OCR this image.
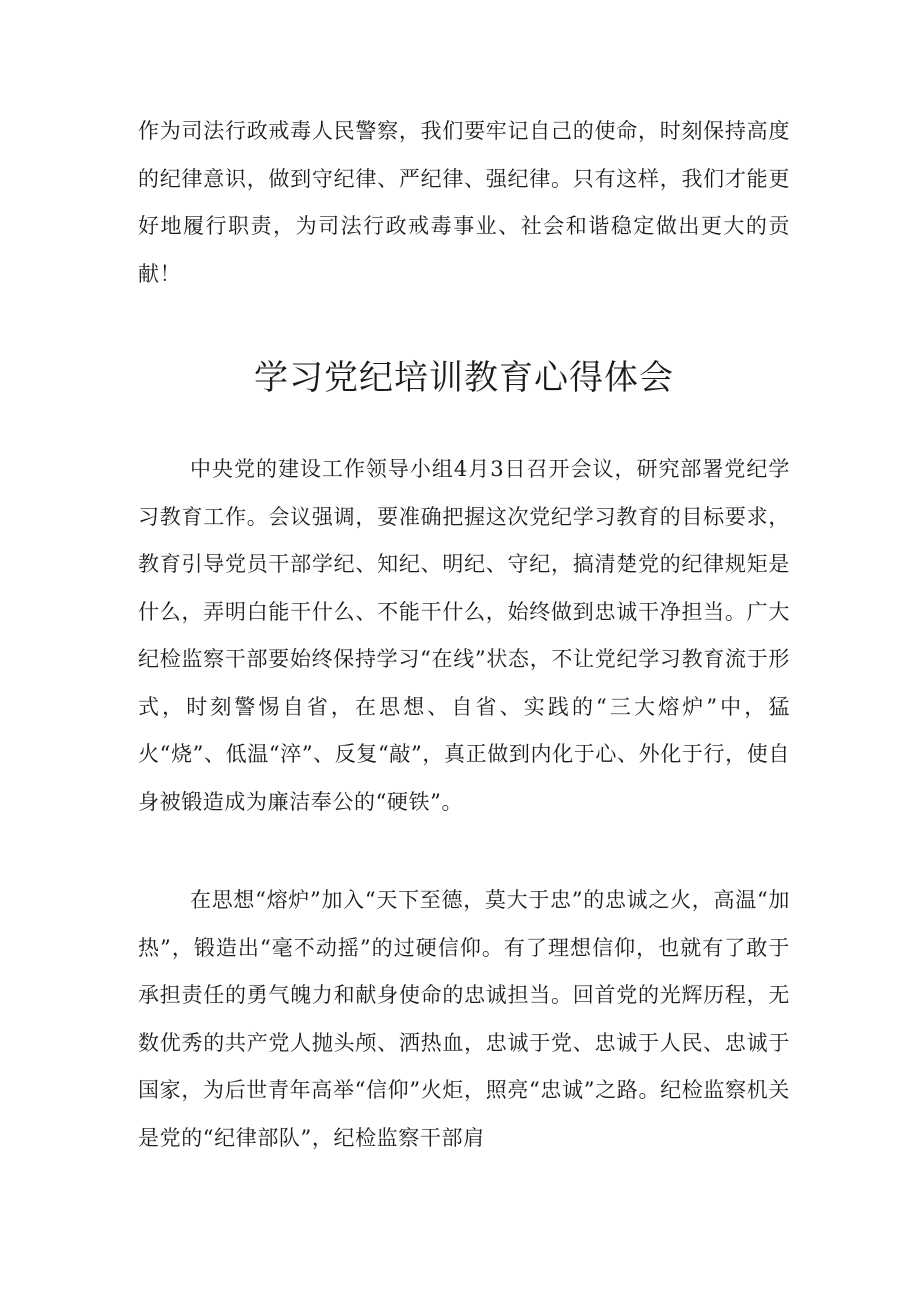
作为司法行政戒毒人民警察，我们要牢记自己的使命，时刻保持高度的纪律意识，做到守纪律、严纪律、强纪律。只有这样，我们才能更好地履行职责，为司法行政戒毒事业、社会和谐稳定做出更大的贡献！

学习党纪培训教育心得体会

中央党的建设工作领导小组4月3日召开会议，研究部署党纪学习教育工作。会议强调，要准确把握这次党纪学习教育的目标要求，教育引导党员干部学纪、知纪、明纪、守纪，搞清楚党的纪律规矩是什么，弄明白能干什么、不能干什么，始终做到忠诚干净担当。广大纪检监察干部要始终保持学习“在线”状态，不让党纪学习教育流于形式，时刻警惕自省，在思想、自省、实践的“三大熔炉”中，猛火“烧”、低温“淬”、反复“敲”，真正做到内化于心、外化于行，使自身被锻造成为廉洁奉公的“硬铁”。

在思想“熔炉”加入“天下至德，莫大于忠”的忠诚之火，高温“加热”，锻造出“毫不动摇”的过硬信仰。有了理想信仰，也就有了敢于承担责任的勇气魄力和献身使命的忠诚担当。回首党的光辉历程，无数优秀的共产党人抛头颅、洒热血，忠诚于党、忠诚于人民、忠诚于国家，为后世青年高举“信仰”火炬，照亮“忠诚”之路。纪检监察机关是党的“纪律部队”，纪检监察干部肩
